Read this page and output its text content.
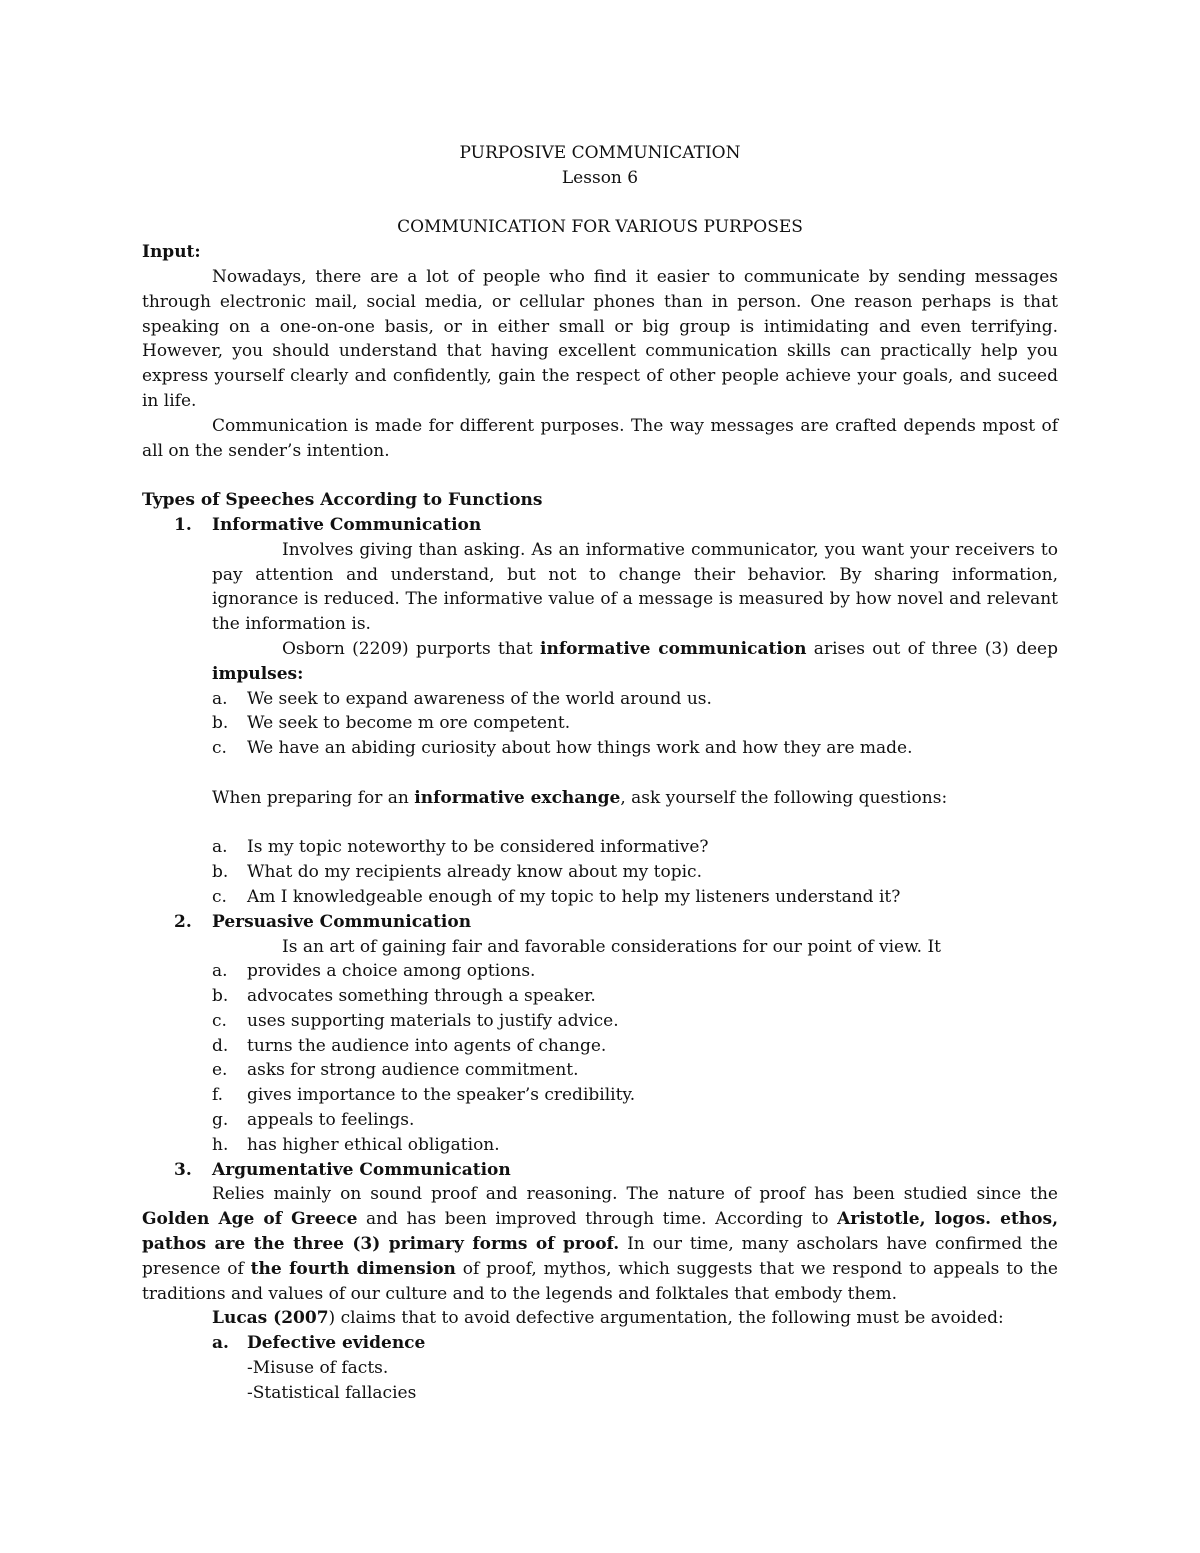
PURPOSIVE COMMUNICATION
Lesson 6
COMMUNICATION FOR VARIOUS PURPOSES
Input:
Nowadays, there are a lot of people who find it easier to communicate by sending messages through electronic mail, social media, or cellular phones than in person. One reason perhaps is that speaking on a one-on-one basis, or in either small or big group is intimidating and even terrifying. However, you should understand that having excellent communication skills can practically help you express yourself clearly and confidently, gain the respect of other people achieve your goals, and suceed in life.
Communication is made for different purposes. The way messages are crafted depends mpost of all on the sender’s intention.
Types of Speeches According to Functions
1. Informative Communication
Involves giving than asking. As an informative communicator, you want your receivers to pay attention and understand, but not to change their behavior. By sharing information, ignorance is reduced. The informative value of a message is measured by how novel and relevant the information is.
Osborn (2209) purports that informative communication arises out of three (3) deep impulses:
a. We seek to expand awareness of the world around us.
b. We seek to become m ore competent.
c. We have an abiding curiosity about how things work and how they are made.
When preparing for an informative exchange, ask yourself the following questions:
a. Is my topic noteworthy to be considered informative?
b. What do my recipients already know about my topic.
c. Am I knowledgeable enough of my topic to help my listeners understand it?
2. Persuasive Communication
Is an art of gaining fair and favorable considerations for our point of view. It
a. provides a choice among options.
b. advocates something through a speaker.
c. uses supporting materials to justify advice.
d. turns the audience into agents of change.
e. asks for strong audience commitment.
f. gives importance to the speaker’s credibility.
g. appeals to feelings.
h. has higher ethical obligation.
3. Argumentative Communication
Relies mainly on sound proof and reasoning. The nature of proof has been studied since the Golden Age of Greece and has been improved through time. According to Aristotle, logos. ethos, pathos are the three (3) primary forms of proof. In our time, many ascholars have confirmed the presence of the fourth dimension of proof, mythos, which suggests that we respond to appeals to the traditions and values of our culture and to the legends and folktales that embody them.
Lucas (2007) claims that to avoid defective argumentation, the following must be avoided:
a. Defective evidence
-Misuse of facts.
-Statistical fallacies
